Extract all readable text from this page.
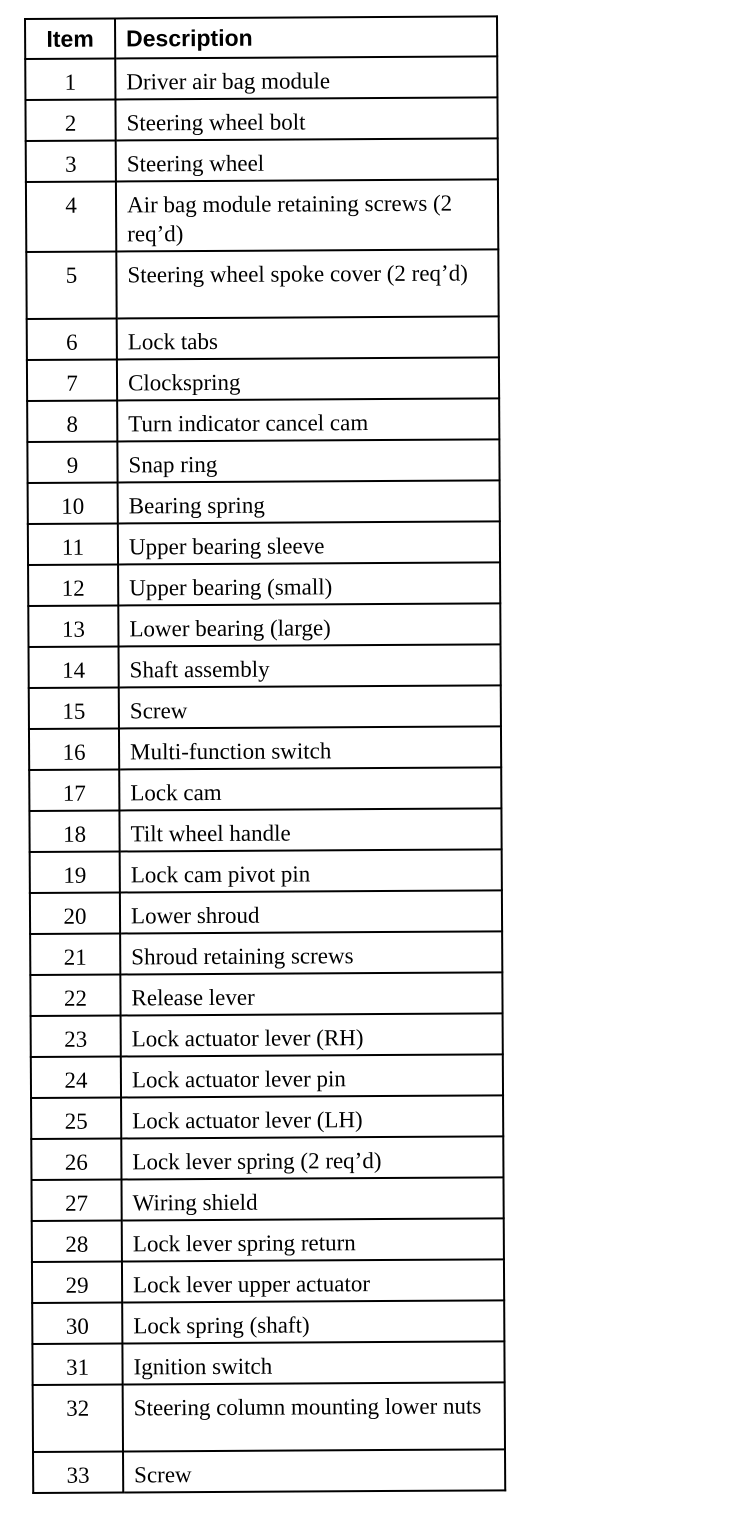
Item	Description
1	Driver air bag module
2	Steering wheel bolt
3	Steering wheel
4	Air bag module retaining screws (2 req’d)
5	Steering wheel spoke cover (2 req’d)
6	Lock tabs
7	Clockspring
8	Turn indicator cancel cam
9	Snap ring
10	Bearing spring
11	Upper bearing sleeve
12	Upper bearing (small)
13	Lower bearing (large)
14	Shaft assembly
15	Screw
16	Multi-function switch
17	Lock cam
18	Tilt wheel handle
19	Lock cam pivot pin
20	Lower shroud
21	Shroud retaining screws
22	Release lever
23	Lock actuator lever (RH)
24	Lock actuator lever pin
25	Lock actuator lever (LH)
26	Lock lever spring (2 req’d)
27	Wiring shield
28	Lock lever spring return
29	Lock lever upper actuator
30	Lock spring (shaft)
31	Ignition switch
32	Steering column mounting lower nuts
33	Screw
